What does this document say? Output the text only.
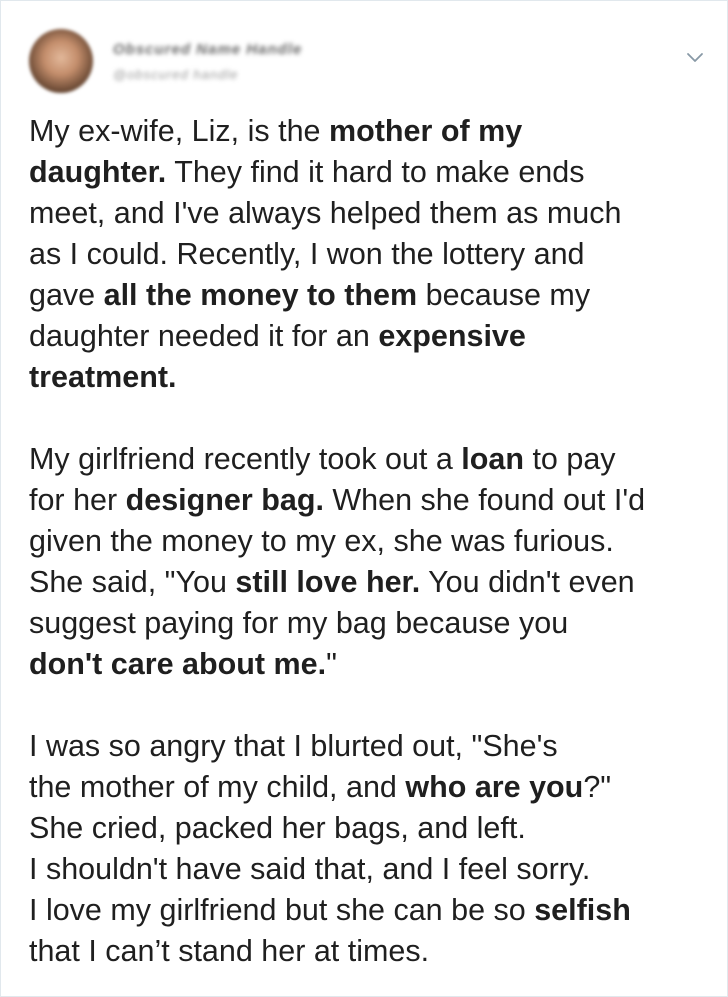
Obscured Name Handle
@obscured handle
My ex-wife, Liz, is the mother of my
daughter. They find it hard to make ends
meet, and I've always helped them as much
as I could. Recently, I won the lottery and
gave all the money to them because my
daughter needed it for an expensive
treatment.
My girlfriend recently took out a loan to pay
for her designer bag. When she found out I'd
given the money to my ex, she was furious.
She said, "You still love her. You didn't even
suggest paying for my bag because you
don't care about me."
I was so angry that I blurted out, "She's
the mother of my child, and who are you?"
She cried, packed her bags, and left.
I shouldn't have said that, and I feel sorry.
I love my girlfriend but she can be so selfish
that I can’t stand her at times.
